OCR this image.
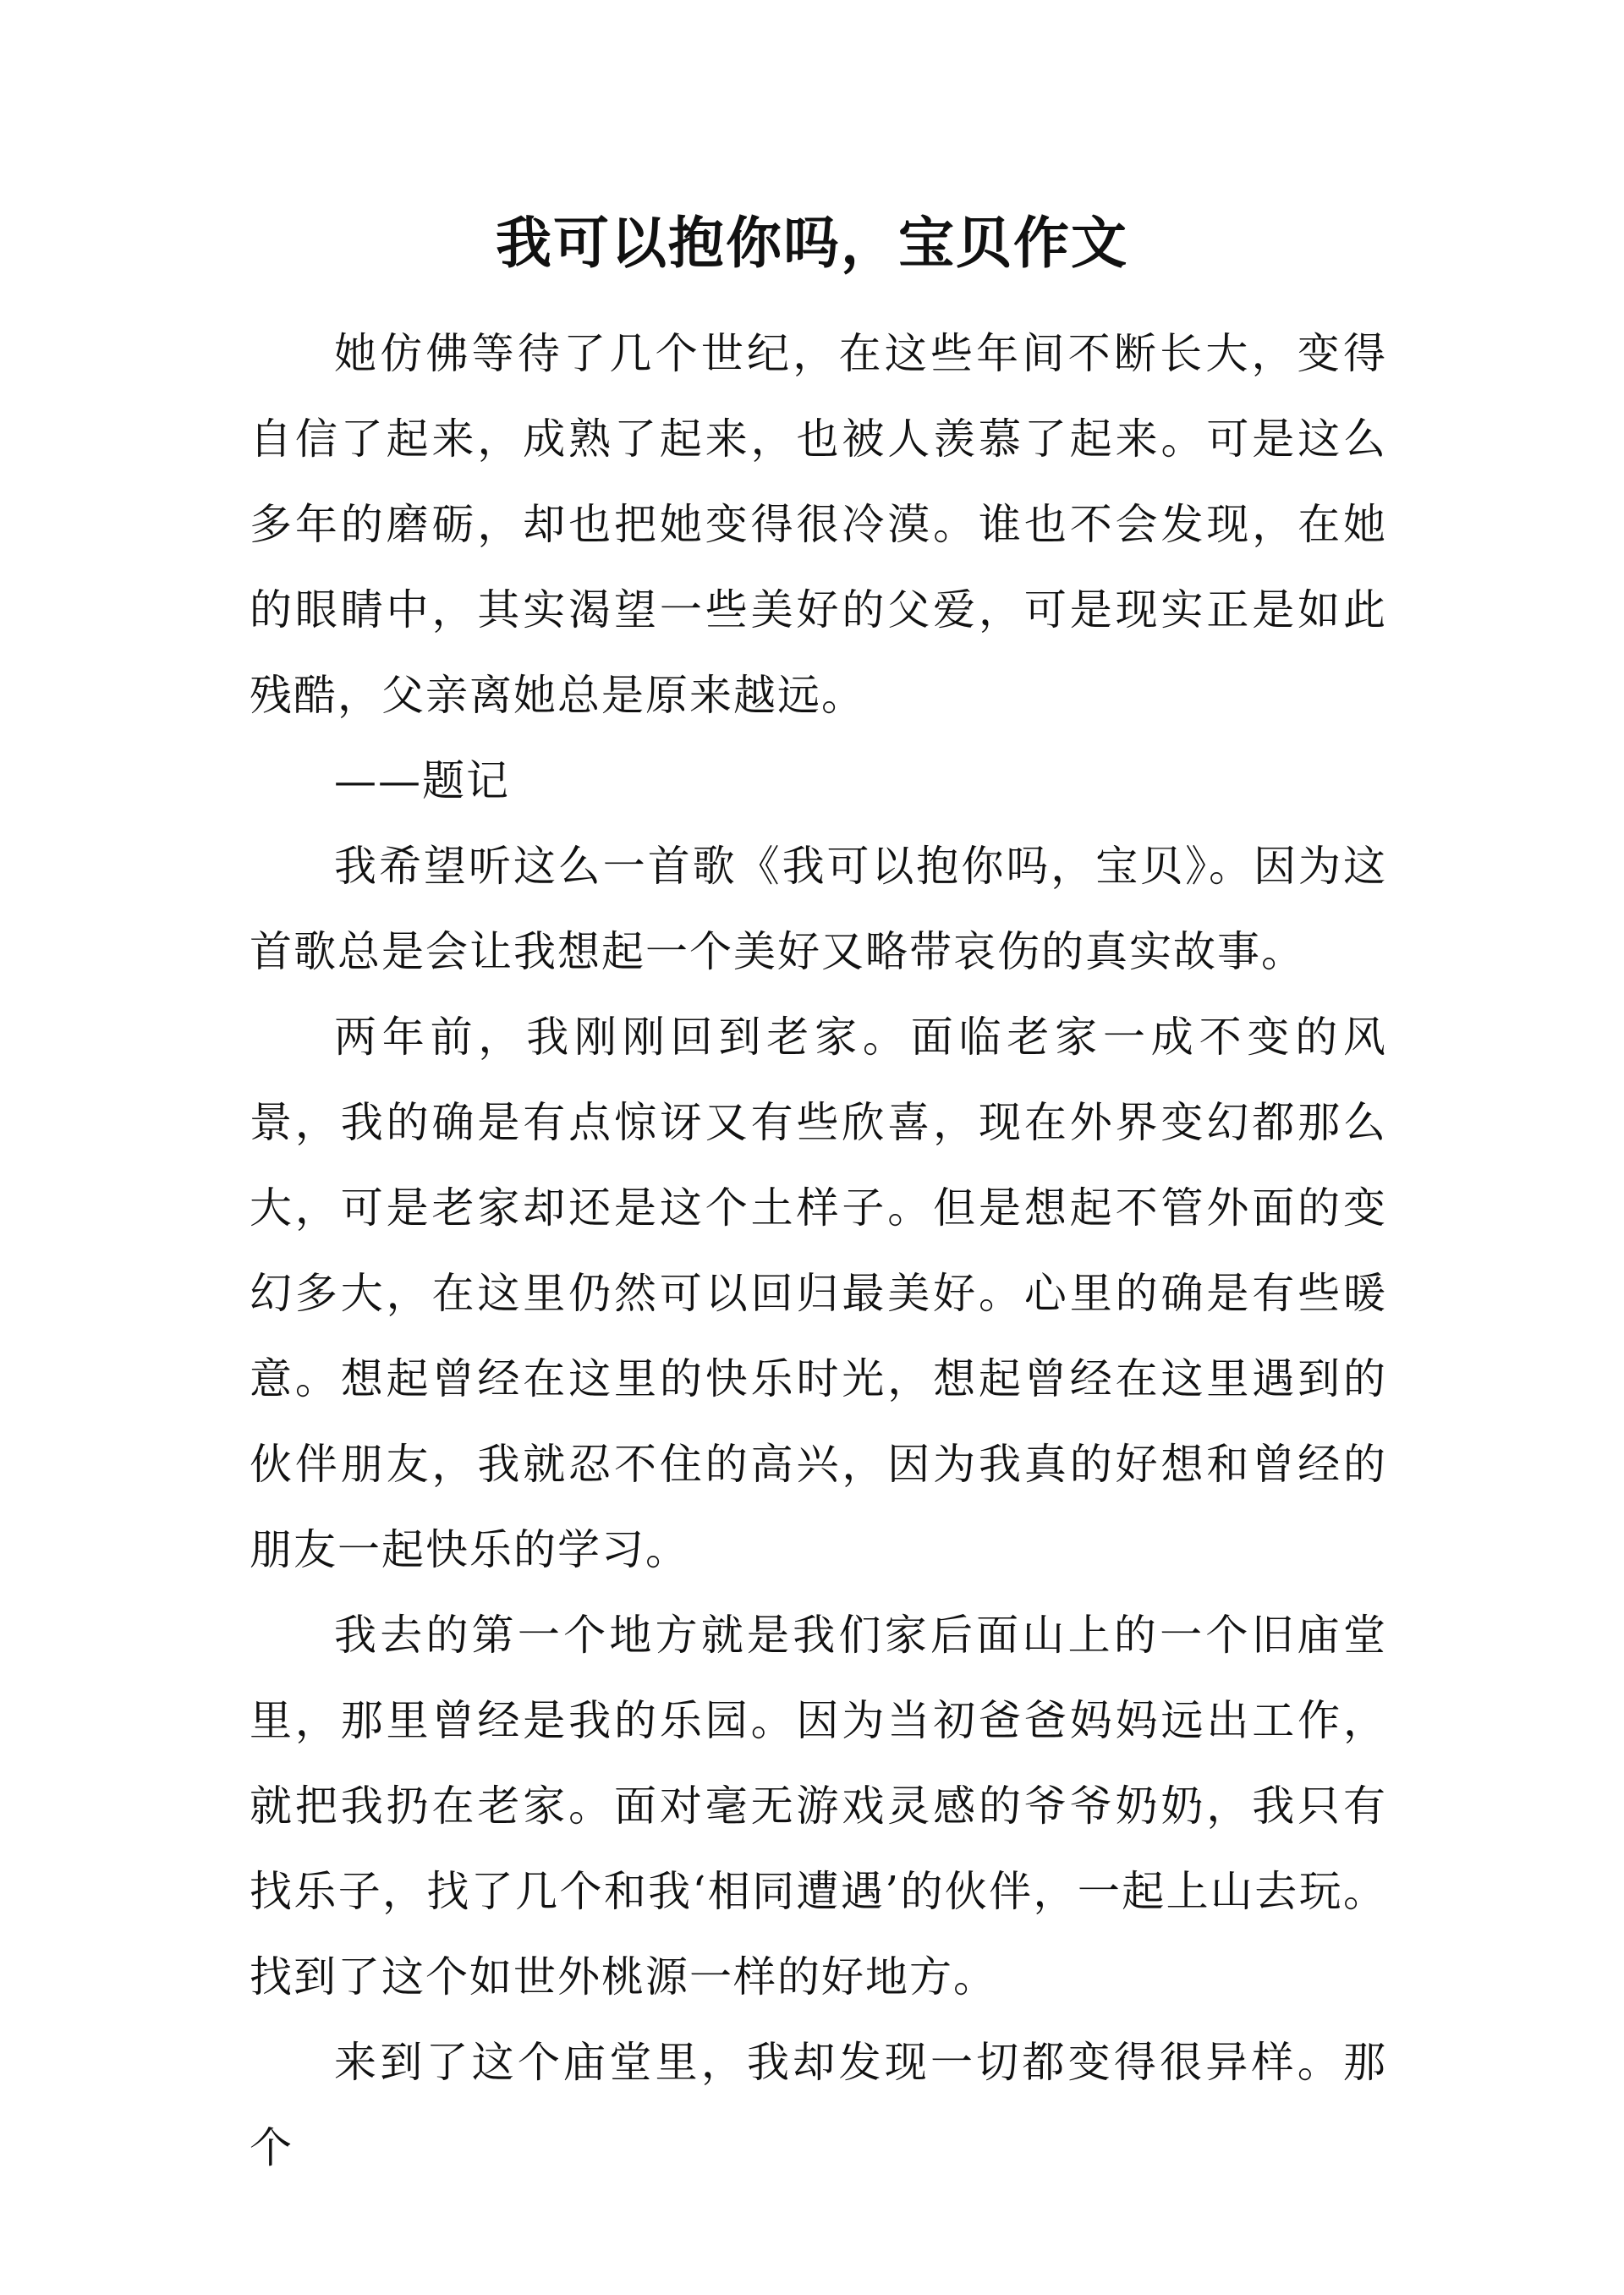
我可以抱你吗，宝贝作文

她仿佛等待了几个世纪，在这些年间不断长大，变得自信了起来，成熟了起来，也被人羡慕了起来。可是这么多年的磨砺，却也把她变得很冷漠。谁也不会发现，在她的眼睛中，其实渴望一些美好的父爱，可是现实正是如此残酷，父亲离她总是原来越远。

——题记

我希望听这么一首歌《我可以抱你吗，宝贝》。因为这首歌总是会让我想起一个美好又略带哀伤的真实故事。

两年前，我刚刚回到老家。面临老家一成不变的风景，我的确是有点惊讶又有些欣喜，现在外界变幻都那么大，可是老家却还是这个土样子。但是想起不管外面的变幻多大，在这里仍然可以回归最美好。心里的确是有些暖意。想起曾经在这里的快乐时光，想起曾经在这里遇到的伙伴朋友，我就忍不住的高兴，因为我真的好想和曾经的朋友一起快乐的学习。

我去的第一个地方就是我们家后面山上的一个旧庙堂里，那里曾经是我的乐园。因为当初爸爸妈妈远出工作，就把我扔在老家。面对毫无游戏灵感的爷爷奶奶，我只有找乐子，找了几个和我‘相同遭遇’的伙伴，一起上山去玩。找到了这个如世外桃源一样的好地方。

来到了这个庙堂里，我却发现一切都变得很异样。那个
